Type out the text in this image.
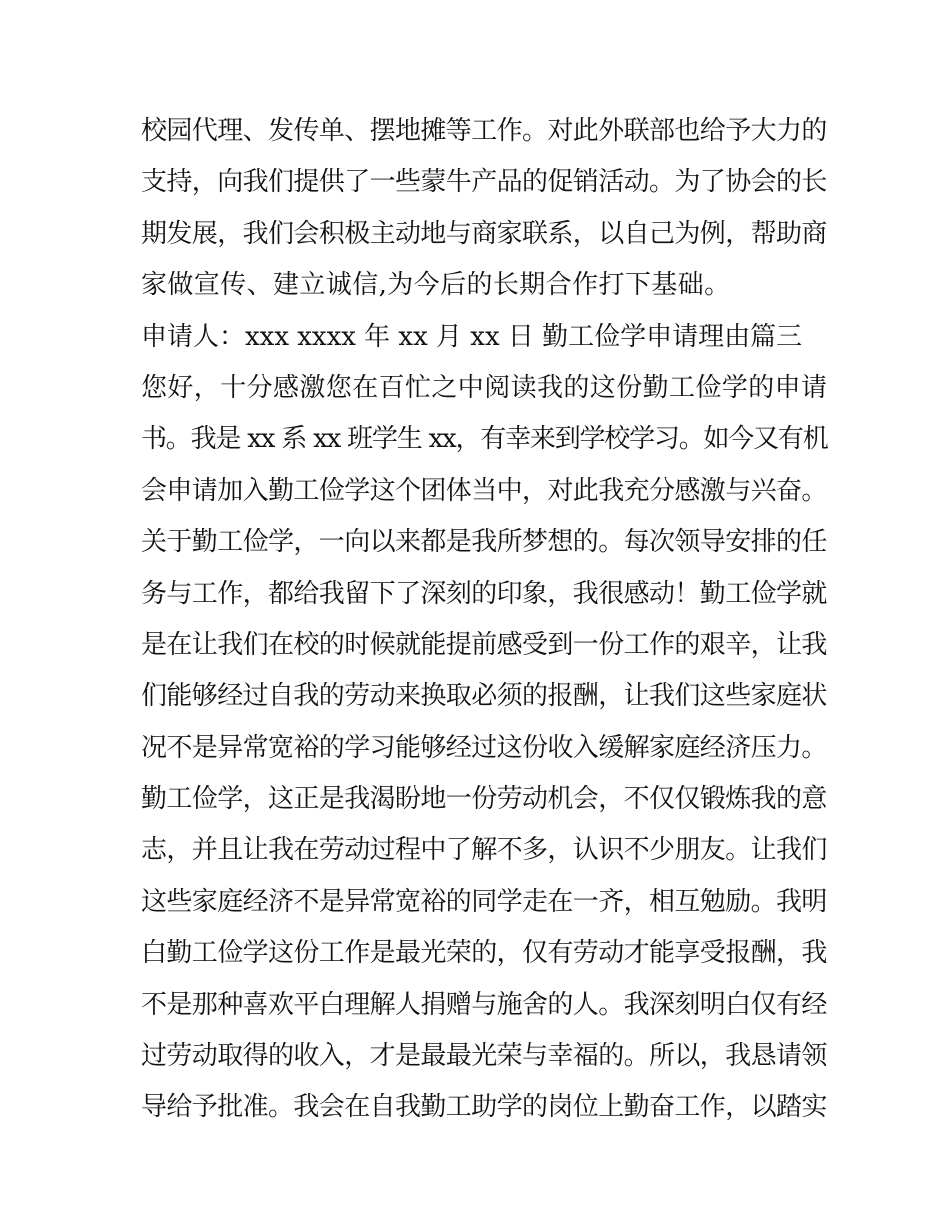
校园代理、发传单、摆地摊等工作。对此外联部也给予大力的
支持，向我们提供了一些蒙牛产品的促销活动。为了协会的长
期发展，我们会积极主动地与商家联系，以自己为例，帮助商
家做宣传、建立诚信,为今后的长期合作打下基础。
申请人：xxx xxxx 年 xx 月 xx 日 勤工俭学申请理由篇三
您好，十分感激您在百忙之中阅读我的这份勤工俭学的申请
书。我是 xx 系 xx 班学生 xx，有幸来到学校学习。如今又有机
会申请加入勤工俭学这个团体当中，对此我充分感激与兴奋。
关于勤工俭学，一向以来都是我所梦想的。每次领导安排的任
务与工作，都给我留下了深刻的印象，我很感动！勤工俭学就
是在让我们在校的时候就能提前感受到一份工作的艰辛，让我
们能够经过自我的劳动来换取必须的报酬，让我们这些家庭状
况不是异常宽裕的学习能够经过这份收入缓解家庭经济压力。
勤工俭学，这正是我渴盼地一份劳动机会，不仅仅锻炼我的意
志，并且让我在劳动过程中了解不多，认识不少朋友。让我们
这些家庭经济不是异常宽裕的同学走在一齐，相互勉励。我明
白勤工俭学这份工作是最光荣的，仅有劳动才能享受报酬，我
不是那种喜欢平白理解人捐赠与施舍的人。我深刻明白仅有经
过劳动取得的收入，才是最最光荣与幸福的。所以，我恳请领
导给予批准。我会在自我勤工助学的岗位上勤奋工作，以踏实
